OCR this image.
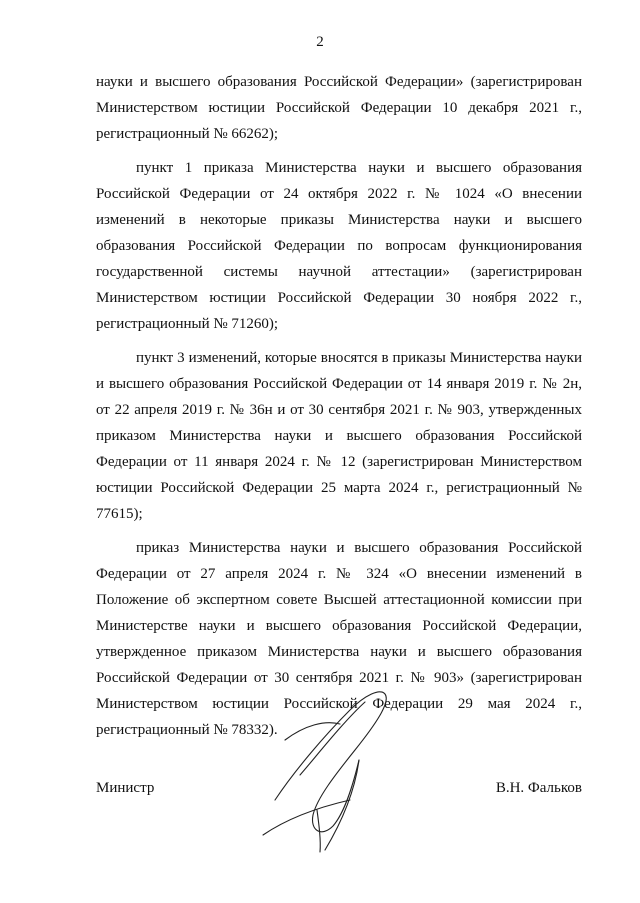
2

науки и высшего образования Российской Федерации» (зарегистрирован Министерством юстиции Российской Федерации 10 декабря 2021 г., регистрационный № 66262);

пункт 1 приказа Министерства науки и высшего образования Российской Федерации от 24 октября 2022 г. № 1024 «О внесении изменений в некоторые приказы Министерства науки и высшего образования Российской Федерации по вопросам функционирования государственной системы научной аттестации» (зарегистрирован Министерством юстиции Российской Федерации 30 ноября 2022 г., регистрационный № 71260);

пункт 3 изменений, которые вносятся в приказы Министерства науки и высшего образования Российской Федерации от 14 января 2019 г. № 2н, от 22 апреля 2019 г. № 36н и от 30 сентября 2021 г. № 903, утвержденных приказом Министерства науки и высшего образования Российской Федерации от 11 января 2024 г. № 12 (зарегистрирован Министерством юстиции Российской Федерации 25 марта 2024 г., регистрационный № 77615);

приказ Министерства науки и высшего образования Российской Федерации от 27 апреля 2024 г. № 324 «О внесении изменений в Положение об экспертном совете Высшей аттестационной комиссии при Министерстве науки и высшего образования Российской Федерации, утвержденное приказом Министерства науки и высшего образования Российской Федерации от 30 сентября 2021 г. № 903» (зарегистрирован Министерством юстиции Российской Федерации 29 мая 2024 г., регистрационный № 78332).

Министр	В.Н. Фальков
